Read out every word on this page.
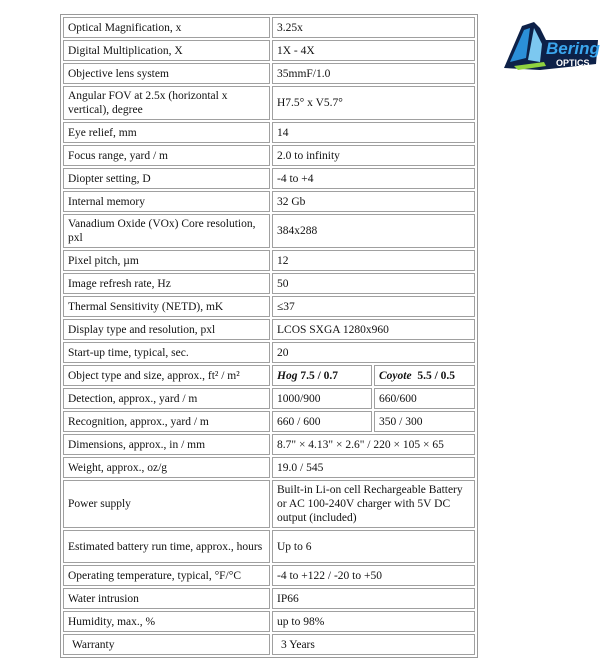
Optical Magnification, x	3.25x	
Digital Multiplication, X	1X - 4X	
Objective lens system	35mmF/1.0	
Angular FOV at 2.5x (horizontal x vertical), degree	H7.5° x V5.7°	
Eye relief, mm	14	
Focus range, yard / m	2.0 to infinity	
Diopter setting, D	-4 to +4	
Internal memory	32 Gb	
Vanadium Oxide (VOx) Core resolution, pxl	384x288	
Pixel pitch, µm	12	
Image refresh rate, Hz	50	
Thermal Sensitivity (NETD), mK	≤37	
Display type and resolution, pxl	LCOS SXGA 1280x960	
Start-up time, typical, sec.	20	
Object type and size, approx., ft² / m²	Hog 7.5 / 0.7	Coyote 5.5 / 0.5
Detection, approx., yard / m	1000/900	660/600
Recognition, approx., yard / m	660 / 600	350 / 300
Dimensions, approx., in / mm	8.7" × 4.13" × 2.6" / 220 × 105 × 65	
Weight, approx., oz/g	19.0 / 545	
Power supply	Built-in Li-on cell Rechargeable Battery or AC 100-240V charger with 5V DC output (included)	
Estimated battery run time, approx., hours	Up to 6	
Operating temperature, typical, °F/°C	-4 to +122 / -20 to +50	
Water intrusion	IP66	
Humidity, max., %	up to 98%	
Warranty	3 Years	
Bering
OPTICS
